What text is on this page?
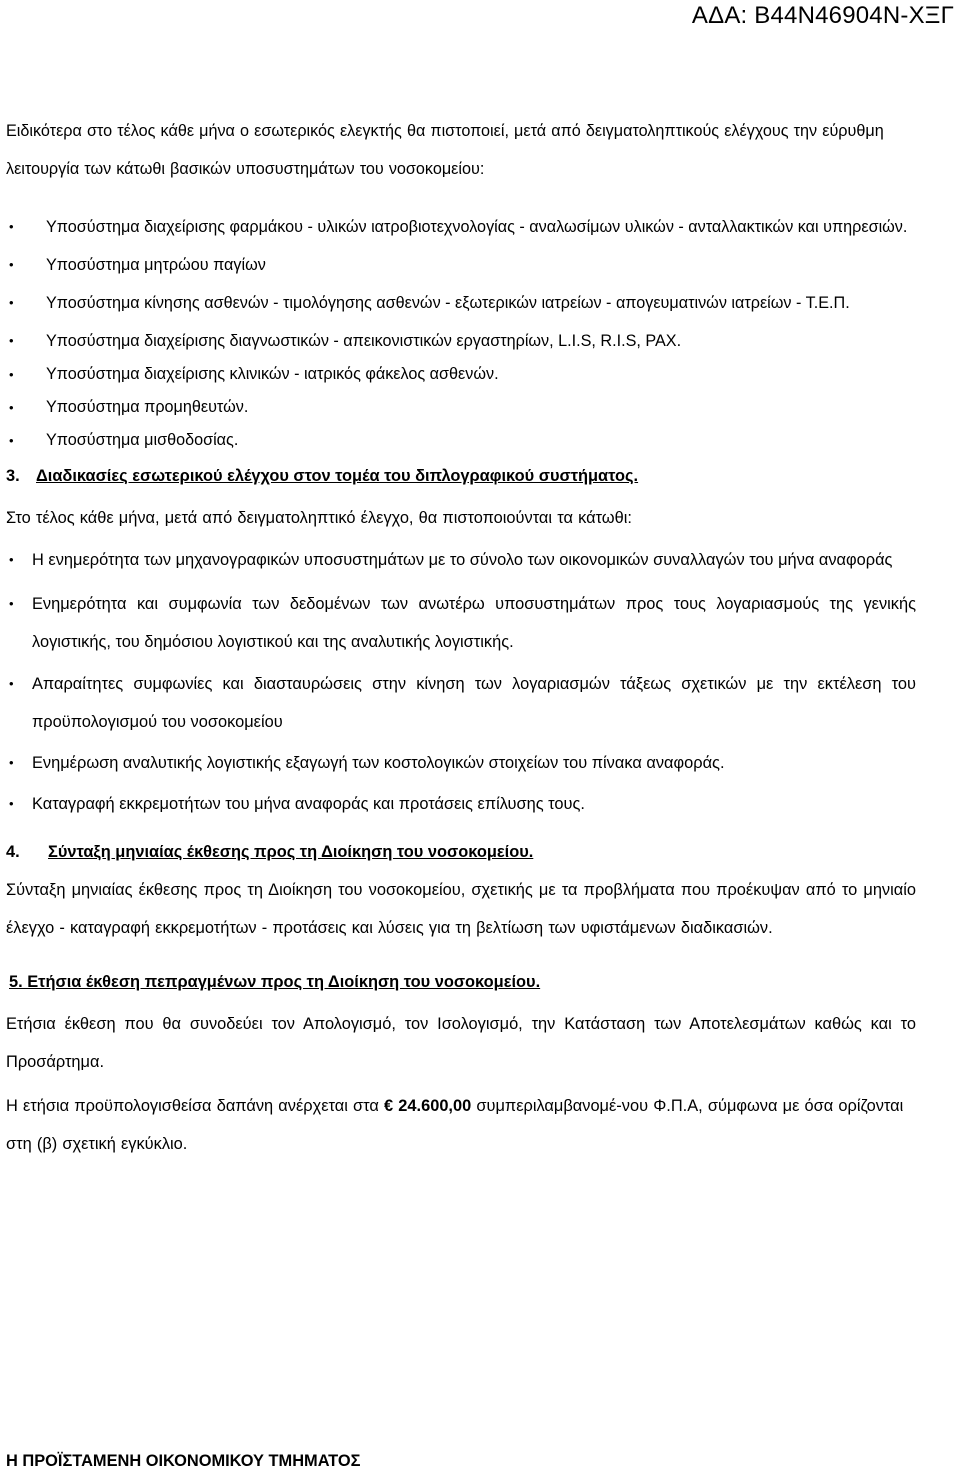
ΑΔΑ: Β44Ν46904Ν-ΧΞΓ

Ειδικότερα στο τέλος κάθε μήνα ο εσωτερικός ελεγκτής θα πιστοποιεί, μετά από δειγματοληπτικούς ελέγχους την εύρυθμη λειτουργία των κάτωθι βασικών υποσυστημάτων του νοσοκομείου:

•	Υποσύστημα διαχείρισης φαρμάκου - υλικών ιατροβιοτεχνολογίας - αναλωσίμων υλικών - ανταλλακτικών και υπηρεσιών.
•	Υποσύστημα μητρώου παγίων
•	Υποσύστημα κίνησης ασθενών - τιμολόγησης ασθενών - εξωτερικών ιατρείων - απογευματινών ιατρείων - Τ.Ε.Π.
•	Υποσύστημα διαχείρισης διαγνωστικών - απεικονιστικών εργαστηρίων, L.I.S, R.I.S, PAX.
•	Υποσύστημα διαχείρισης κλινικών - ιατρικός φάκελος ασθενών.
•	Υποσύστημα προμηθευτών.
•	Υποσύστημα μισθοδοσίας.

3. Διαδικασίες εσωτερικού ελέγχου στον τομέα του διπλογραφικού συστήματος.

Στο τέλος κάθε μήνα, μετά από δειγματοληπτικό έλεγχο, θα πιστοποιούνται τα κάτωθι:

•	Η ενημερότητα των μηχανογραφικών υποσυστημάτων με το σύνολο των οικονομικών συναλλαγών του μήνα αναφοράς
•	Ενημερότητα και συμφωνία των δεδομένων των ανωτέρω υποσυστημάτων προς τους λογαριασμούς της γενικής λογιστικής, του δημόσιου λογιστικού και της αναλυτικής λογιστικής.
•	Απαραίτητες συμφωνίες και διασταυρώσεις στην κίνηση των λογαριασμών τάξεως σχετικών με την εκτέλεση του προϋπολογισμού του νοσοκομείου
•	Ενημέρωση αναλυτικής λογιστικής εξαγωγή των κοστολογικών στοιχείων του πίνακα αναφοράς.
•	Καταγραφή εκκρεμοτήτων του μήνα αναφοράς και προτάσεις επίλυσης τους.

4. Σύνταξη μηνιαίας έκθεσης προς τη Διοίκηση του νοσοκομείου.

Σύνταξη μηνιαίας έκθεσης προς τη Διοίκηση του νοσοκομείου, σχετικής με τα προβλήματα που προέκυψαν από το μηνιαίο έλεγχο - καταγραφή εκκρεμοτήτων - προτάσεις και λύσεις για τη βελτίωση των υφιστάμενων διαδικασιών.

5. Ετήσια έκθεση πεπραγμένων προς τη Διοίκηση του νοσοκομείου.

Ετήσια έκθεση που θα συνοδεύει τον Απολογισμό, τον Ισολογισμό, την Κατάσταση των Αποτελεσμάτων καθώς και το Προσάρτημα.

Η ετήσια προϋπολογισθείσα δαπάνη ανέρχεται στα € 24.600,00 συμπεριλαμβανομέ-νου Φ.Π.Α, σύμφωνα με όσα ορίζονται στη (β) σχετική εγκύκλιο.

Η ΠΡΟΪΣΤΑΜΕΝΗ ΟΙΚΟΝΟΜΙΚΟΥ ΤΜΗΜΑΤΟΣ
